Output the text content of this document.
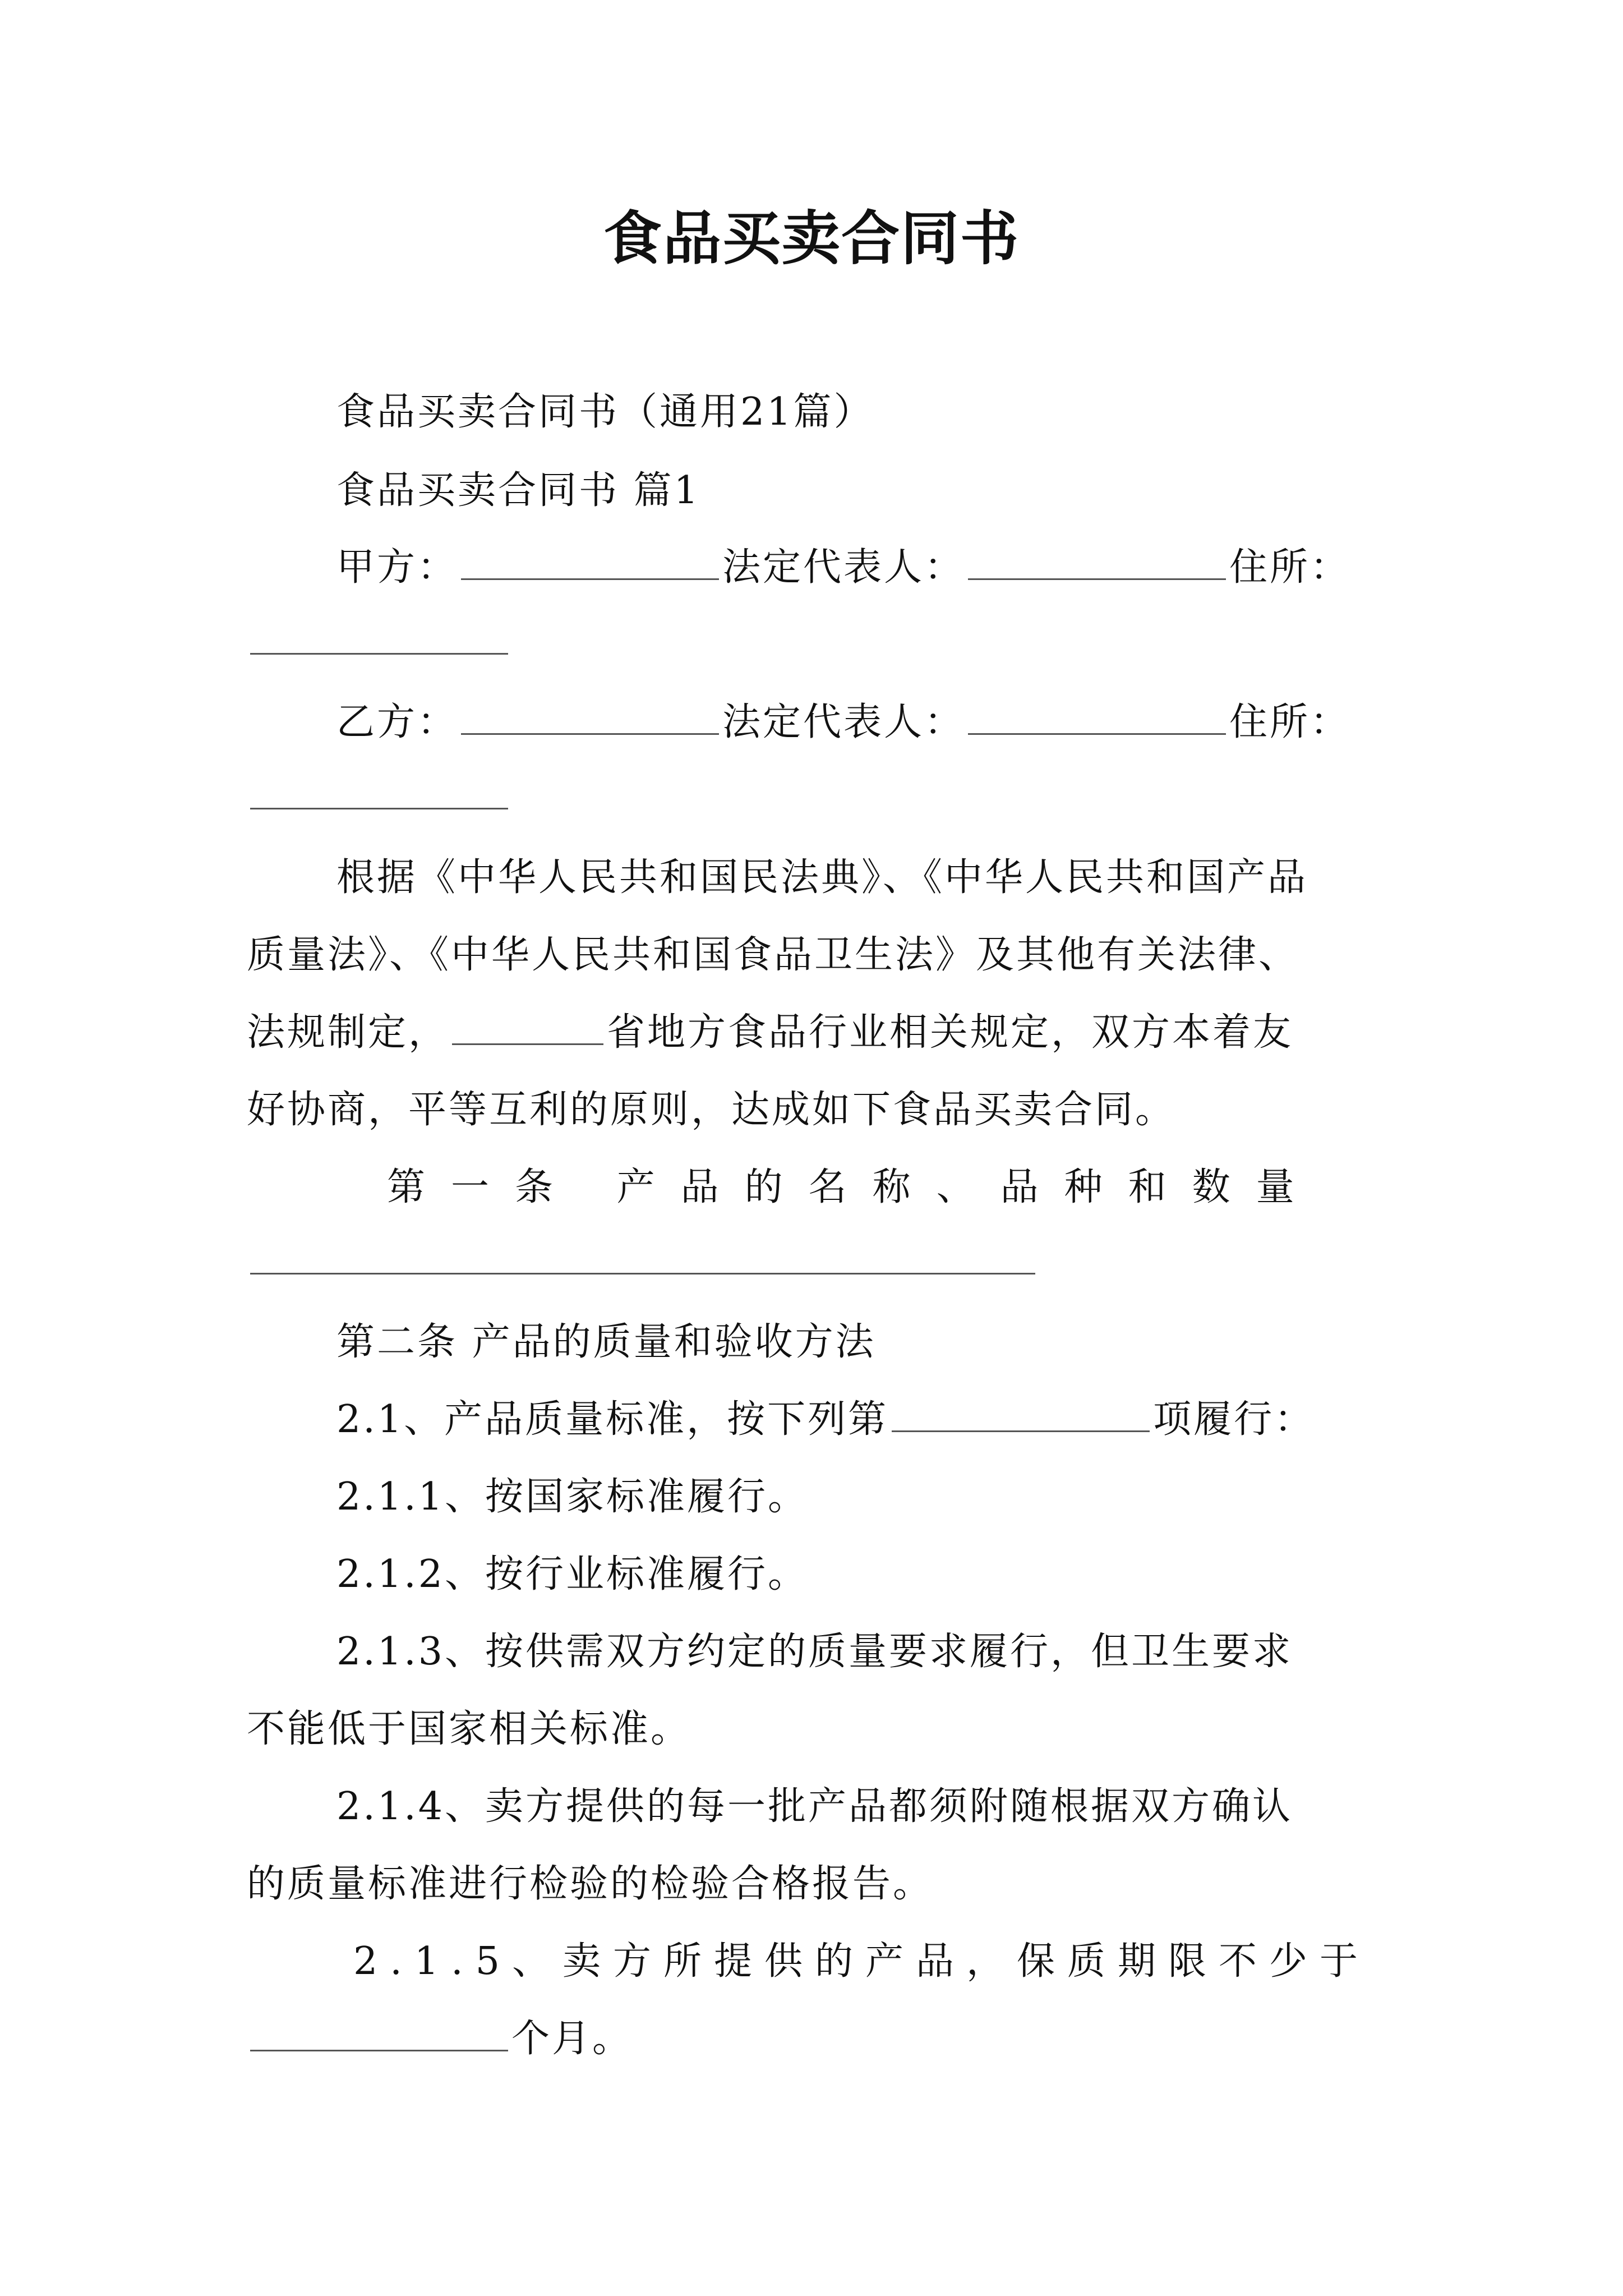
食品买卖合同书
食品买卖合同书（通用21篇）
食品买卖合同书 篇1
甲方：	法定代表人：	住所：
乙方：	法定代表人：	住所：
根据《中华人民共和国民法典》、《中华人民共和国产品
质量法》、《中华人民共和国食品卫生法》及其他有关法律、
法规制定，	省地方食品行业相关规定，双方本着友
好协商，平等互利的原则，达成如下食品买卖合同。
第一条 产品的名称、品种和数量
第二条 产品的质量和验收方法
2.1、产品质量标准，按下列第	项履行：
2.1.1、按国家标准履行。
2.1.2、按行业标准履行。
2.1.3、按供需双方约定的质量要求履行，但卫生要求
不能低于国家相关标准。
2.1.4、卖方提供的每一批产品都须附随根据双方确认
的质量标准进行检验的检验合格报告。
2.1.5、卖方所提供的产品，保质期限不少于
个月。
